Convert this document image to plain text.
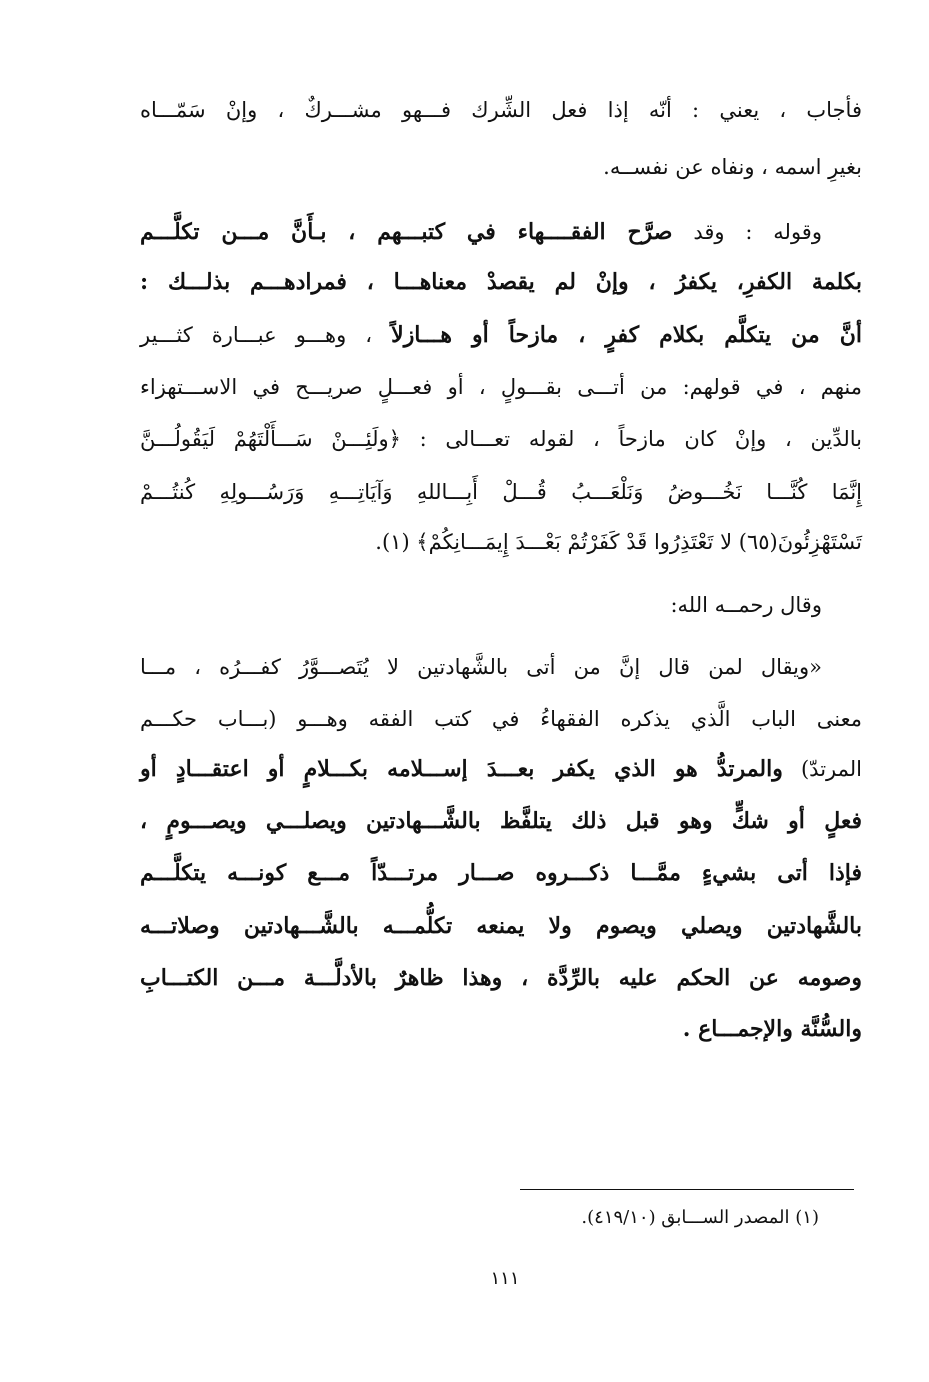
فأجاب ، يعني : أنّه إذا فعل الشِّرك فـــهو مشـــركٌ ، وإنْ سَمّـــاه
بغيرِ اسمه ، ونفاه عن نفســه.
وقوله : وقد صرَّح الفقــــهاء في كتبـــهم ، بـأَنَّ مـــن تكلَّـــم
بكلمة الكفرِ، يكفرُ ، وإنْ لم يقصدْ معناهـــا ، فمرادهـــم بذلـــك :
أنَّ من يتكلَّم بكلام كفرٍ ، مازحاً أو هـــازلاً ، وهـــو عبـــارة كثـــير
منهم ، في قولهم: من أتـــى بقـــولٍ ، أو فعـــلٍ صريـــح في الاســـتهزاء
بالدِّين ، وإنْ كان مازحاً ، لقوله تعـــالى : ﴿ولَئِـــنْ سَـــأَلْتَهُمْ لَيَقُولُـــنَّ
إِنَّمَا كُنَّـــا نَخُـــوضُ وَنَلْعَـــبُ قُـــلْ أَبِـــاللهِ وَآيَاتِـــهِ وَرَسُـــولِهِ كُنتُـــمْ
تَسْتَهْزِئُونَ(٦٥) لا تَعْتَذِرُوا قَدْ كَفَرْتُمْ بَعْـــدَ إِيمَـــانِكُمْ﴾ (١).
وقال رحمــه الله:
«ويقال لمن قال إنَّ من أتى بالشَّهادتين لا يُتَصـــوَّرُ كفـــرُه ، مـــا
معنى الباب الَّذي يذكره الفقهاءُ في كتب الفقه وهـــو (بـــاب حكـــم
المرتدّ) والمرتدُّ هو الذي يكفر بعـــدَ إســـلامه بكـــلامٍ أو اعتقـــادٍ أو
فعلٍ أو شكٍّ وهو قبل ذلك يتلفَّظ بالشَّـــهادتين ويصلـــي ويصـــومٍ ،
فإذا أتى بشيءٍ ممَّـــا ذكـــروه صـــار مرتـــدّاً مـــع كونـــه يتكلَّـــم
بالشَّهادتين ويصلي ويصوم ولا يمنعه تكلُّمـــه بالشَّـــهادتين وصلاتـــه
وصومه عن الحكم عليه بالرِّدَّة ، وهذا ظاهرٌ بالأدلَّـــة مـــن الكتـــابِ
والسُّنَّة والإجمـــاع .
(١) المصدر الســـابق (٤١٩/١٠).
١١١
